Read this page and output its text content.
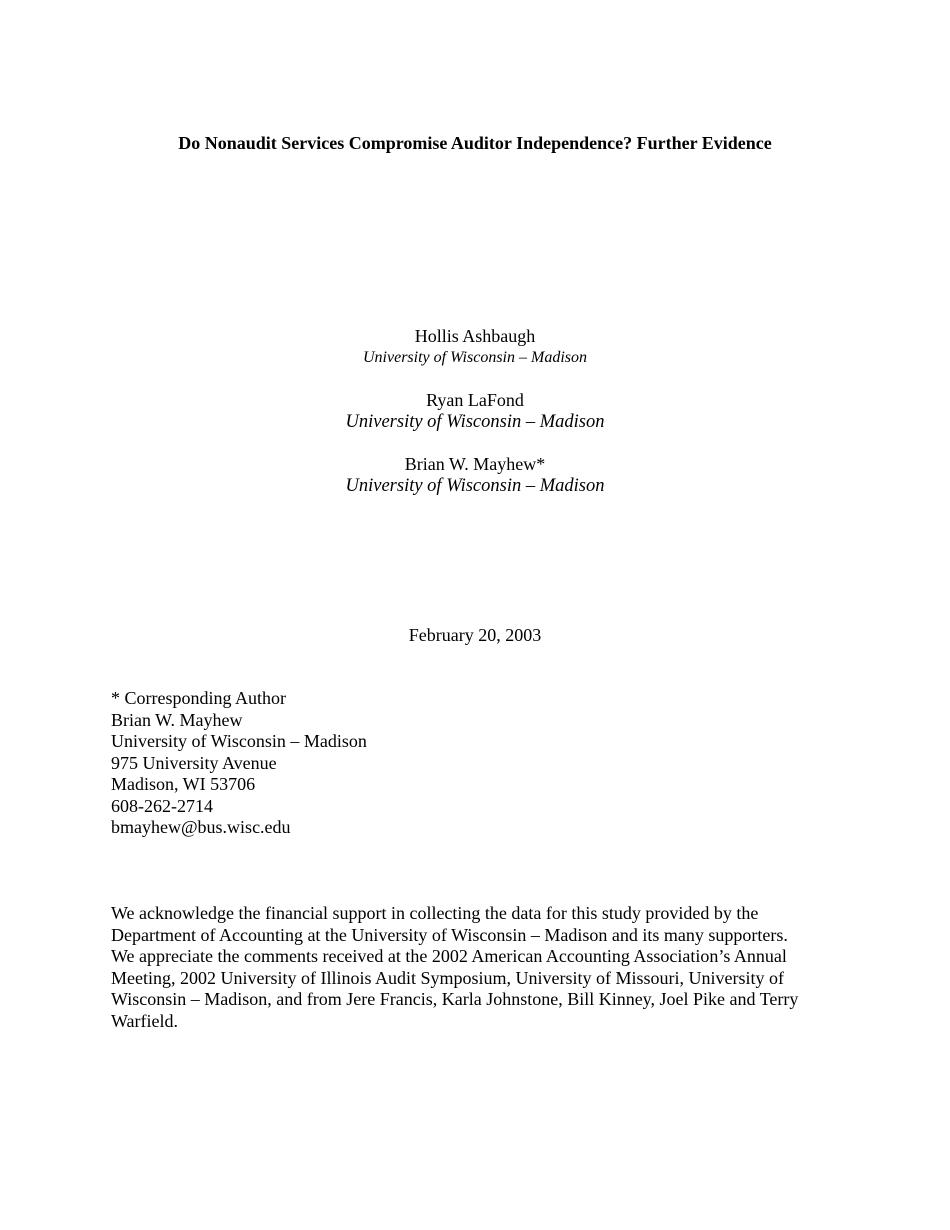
Do Nonaudit Services Compromise Auditor Independence? Further Evidence
Hollis Ashbaugh
University of Wisconsin – Madison
Ryan LaFond
University of Wisconsin – Madison
Brian W. Mayhew*
University of Wisconsin – Madison
February 20, 2003
* Corresponding Author
Brian W. Mayhew
University of Wisconsin – Madison
975 University Avenue
Madison, WI 53706
608-262-2714
bmayhew@bus.wisc.edu
We acknowledge the financial support in collecting the data for this study provided by the
Department of Accounting at the University of Wisconsin – Madison and its many supporters.
We appreciate the comments received at the 2002 American Accounting Association’s Annual
Meeting, 2002 University of Illinois Audit Symposium, University of Missouri, University of
Wisconsin – Madison, and from Jere Francis, Karla Johnstone, Bill Kinney, Joel Pike and Terry
Warfield.
